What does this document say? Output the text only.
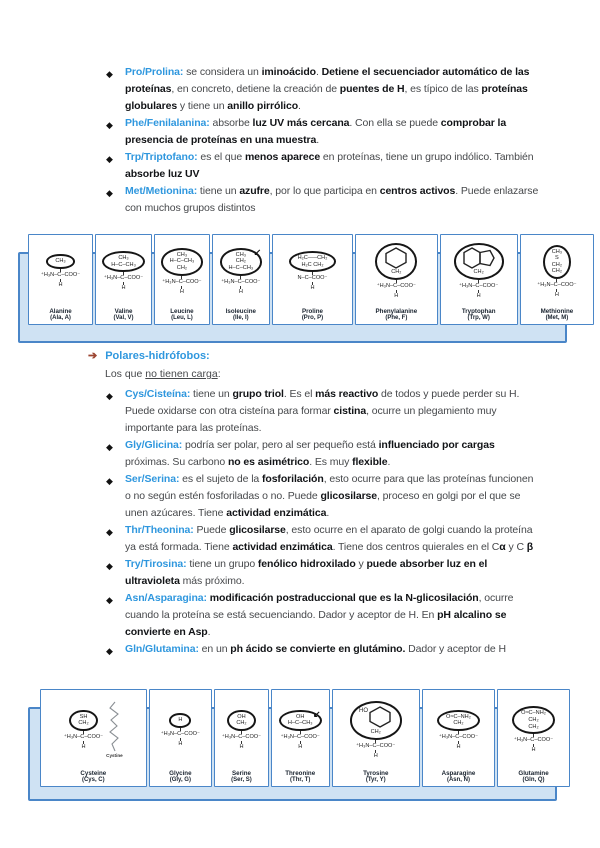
◆ Pro/Prolina: se considera un iminoácido. Detiene el secuenciador automático de las proteínas, en concreto, detiene la creación de puentes de H, es típico de las proteínas globulares y tiene un anillo pirrólico.
◆ Phe/Fenilalanina: absorbe luz UV más cercana. Con ella se puede comprobar la presencia de proteínas en una muestra.
◆ Trp/Triptofano: es el que menos aparece en proteínas, tiene un grupo indólico. También absorbe luz UV
◆ Met/Metionina: tiene un azufre, por lo que participa en centros activos. Puede enlazarse con muchos grupos distintos
CH₃
⁺H₃N–C–COO⁻
H
Alanine
(Ala, A)
CH₃
H–C–CH₃
⁺H₃N–C–COO⁻
H
Valine
(Val, V)
CH₃
H–C–CH₃
CH₂
⁺H₃N–C–COO⁻
H
Leucine
(Leu, L)
CH₃
CH₂
H–C–CH₃
↙
⁺H₃N–C–COO⁻
H
Isoleucine
(Ile, I)
H₂C–––CH₂
H₂C CH₂
N–C–COO⁻
H
Proline
(Pro, P)
CH₂
⁺H₃N–C–COO⁻
H
Phenylalanine
(Phe, F)
CH₂
⁺H₃N–C–COO⁻
H
Tryptophan
(Trp, W)
CH₃
S
CH₂
CH₂
⁺H₃N–C–COO⁻
H
Methionine
(Met, M)
➔ Polares-hidrófobos:
Los que no tienen carga:
◆ Cys/Cisteína: tiene un grupo triol. Es el más reactivo de todos y puede perder su H. Puede oxidarse con otra cisteína para formar cistina, ocurre un plegamiento muy importante para las proteínas.
◆ Gly/Glicina: podría ser polar, pero al ser pequeño está influenciado por cargas próximas. Su carbono no es asimétrico. Es muy flexible.
◆ Ser/Serina: es el sujeto de la fosforilación, esto ocurre para que las proteínas funcionen o no según estén fosforiladas o no. Puede glicosilarse, proceso en golgi por el que se unen azúcares. Tiene actividad enzimática.
◆ Thr/Theonina: Puede glicosilarse, esto ocurre en el aparato de golgi cuando la proteína ya está formada. Tiene actividad enzimática. Tiene dos centros quierales en el Cα y C β
◆ Try/Tirosina: tiene un grupo fenólico hidroxilado y puede absorber luz en el ultravioleta más próximo.
◆ Asn/Asparagina: modificación postraduccional que es la N-glicosilación, ocurre cuando la proteína se está secuenciando. Dador y aceptor de H. En pH alcalino se convierte en Asp.
◆ Gln/Glutamina: en un ph ácido se convierte en glutámino. Dador y aceptor de H
SH
CH₂
⁺H₃N–C–COO⁻
H
Cystine
Cysteine
(Cys, C)
H
⁺H₃N–C–COO⁻
H
Glycine
(Gly, G)
OH
CH₂
⁺H₃N–C–COO⁻
H
Serine
(Ser, S)
OH
H–C–CH₃
↙
⁺H₃N–C–COO⁻
H
Threonine
(Thr, T)
HO
CH₂
⁺H₃N–C–COO⁻
H
Tyrosine
(Tyr, Y)
O≈C–NH₂
CH₂
⁺H₃N–C–COO⁻
H
Asparagine
(Asn, N)
O≈C–NH₂
CH₂
CH₂
⁺H₃N–C–COO⁻
H
Glutamine
(Gln, Q)
